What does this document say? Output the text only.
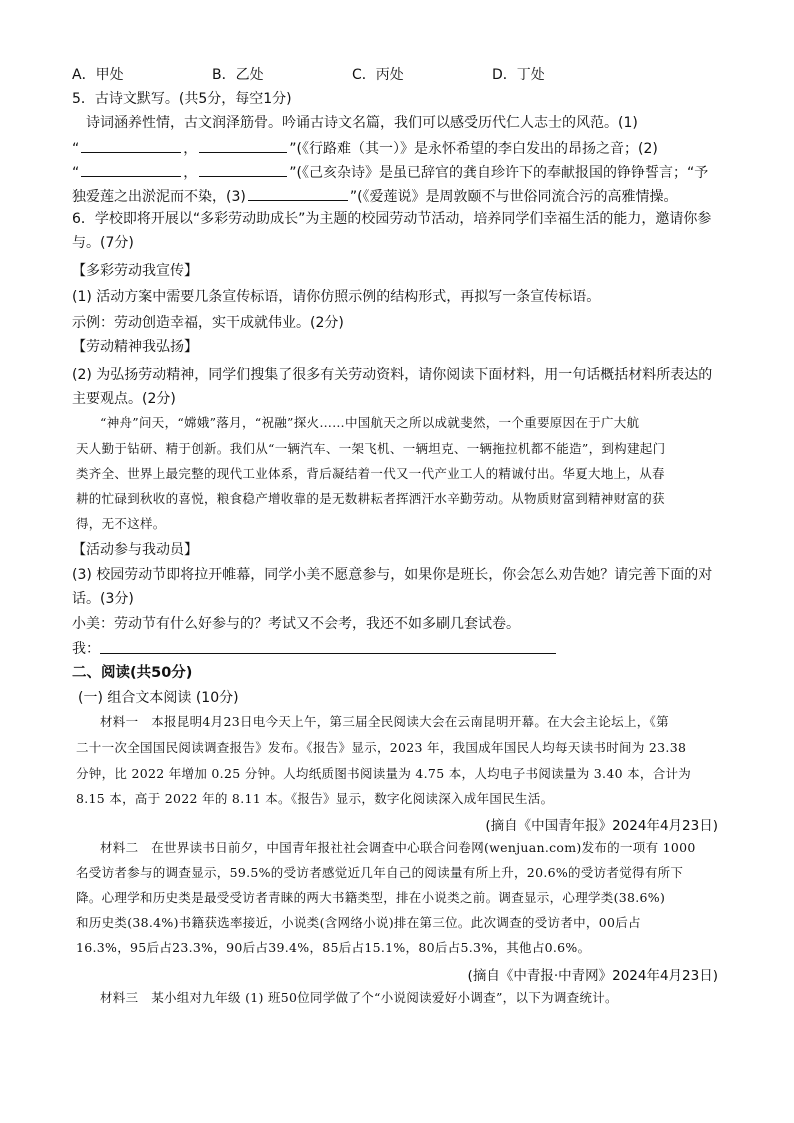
A．甲处	B．乙处	C．丙处	D．丁处
5．古诗文默写。(共5分，每空1分)
诗词涵养性情，古文润泽筋骨。吟诵古诗文名篇，我们可以感受历代仁人志士的风范。(1)
“	，	”(《行路难（其一）》是永怀希望的李白发出的昂扬之音；(2)
“	，	”(《己亥杂诗》是虽已辞官的龚自珍许下的奉献报国的铮铮誓言；“予
独爱莲之出淤泥而不染，(3)	”(《爱莲说》是周敦颐不与世俗同流合污的高雅情操。
6．学校即将开展以“多彩劳动助成长”为主题的校园劳动节活动，培养同学们幸福生活的能力，邀请你参
与。(7分)
【多彩劳动我宣传】
(1) 活动方案中需要几条宣传标语，请你仿照示例的结构形式，再拟写一条宣传标语。
示例：劳动创造幸福，实干成就伟业。(2分)
【劳动精神我弘扬】
(2) 为弘扬劳动精神，同学们搜集了很多有关劳动资料，请你阅读下面材料，用一句话概括材料所表达的
主要观点。(2分)
“神舟”问天，“嫦娥”落月，“祝融”探火……中国航天之所以成就斐然，一个重要原因在于广大航
天人勤于钻研、精于创新。我们从“一辆汽车、一架飞机、一辆坦克、一辆拖拉机都不能造”，到构建起门
类齐全、世界上最完整的现代工业体系，背后凝结着一代又一代产业工人的精诚付出。华夏大地上，从春
耕的忙碌到秋收的喜悦，粮食稳产增收靠的是无数耕耘者挥洒汗水辛勤劳动。从物质财富到精神财富的获
得，无不这样。
【活动参与我动员】
(3) 校园劳动节即将拉开帷幕，同学小美不愿意参与，如果你是班长，你会怎么劝告她？请完善下面的对
话。(3分)
小美：劳动节有什么好参与的？考试又不会考，我还不如多刷几套试卷。
我：
二、阅读(共50分)
(一) 组合文本阅读 (10分)
材料一　本报昆明4月23日电今天上午，第三届全民阅读大会在云南昆明开幕。在大会主论坛上，《第
二十一次全国国民阅读调查报告》发布。《报告》显示，2023 年，我国成年国民人均每天读书时间为 23.38
分钟，比 2022 年增加 0.25 分钟。人均纸质图书阅读量为 4.75 本，人均电子书阅读量为 3.40 本，合计为
8.15 本，高于 2022 年的 8.11 本。《报告》显示，数字化阅读深入成年国民生活。
(摘自《中国青年报》2024年4月23日)
材料二　在世界读书日前夕，中国青年报社社会调查中心联合问卷网(wenjuan.com)发布的一项有 1000
名受访者参与的调查显示，59.5%的受访者感觉近几年自己的阅读量有所上升，20.6%的受访者觉得有所下
降。心理学和历史类是最受受访者青睐的两大书籍类型，排在小说类之前。调查显示，心理学类(38.6%)
和历史类(38.4%)书籍获选率接近，小说类(含网络小说)排在第三位。此次调查的受访者中，00后占
16.3%，95后占23.3%，90后占39.4%，85后占15.1%，80后占5.3%，其他占0.6%。
(摘自《中青报·中青网》2024年4月23日)
材料三　某小组对九年级 (1) 班50位同学做了个“小说阅读爱好小调查”，以下为调查统计。
